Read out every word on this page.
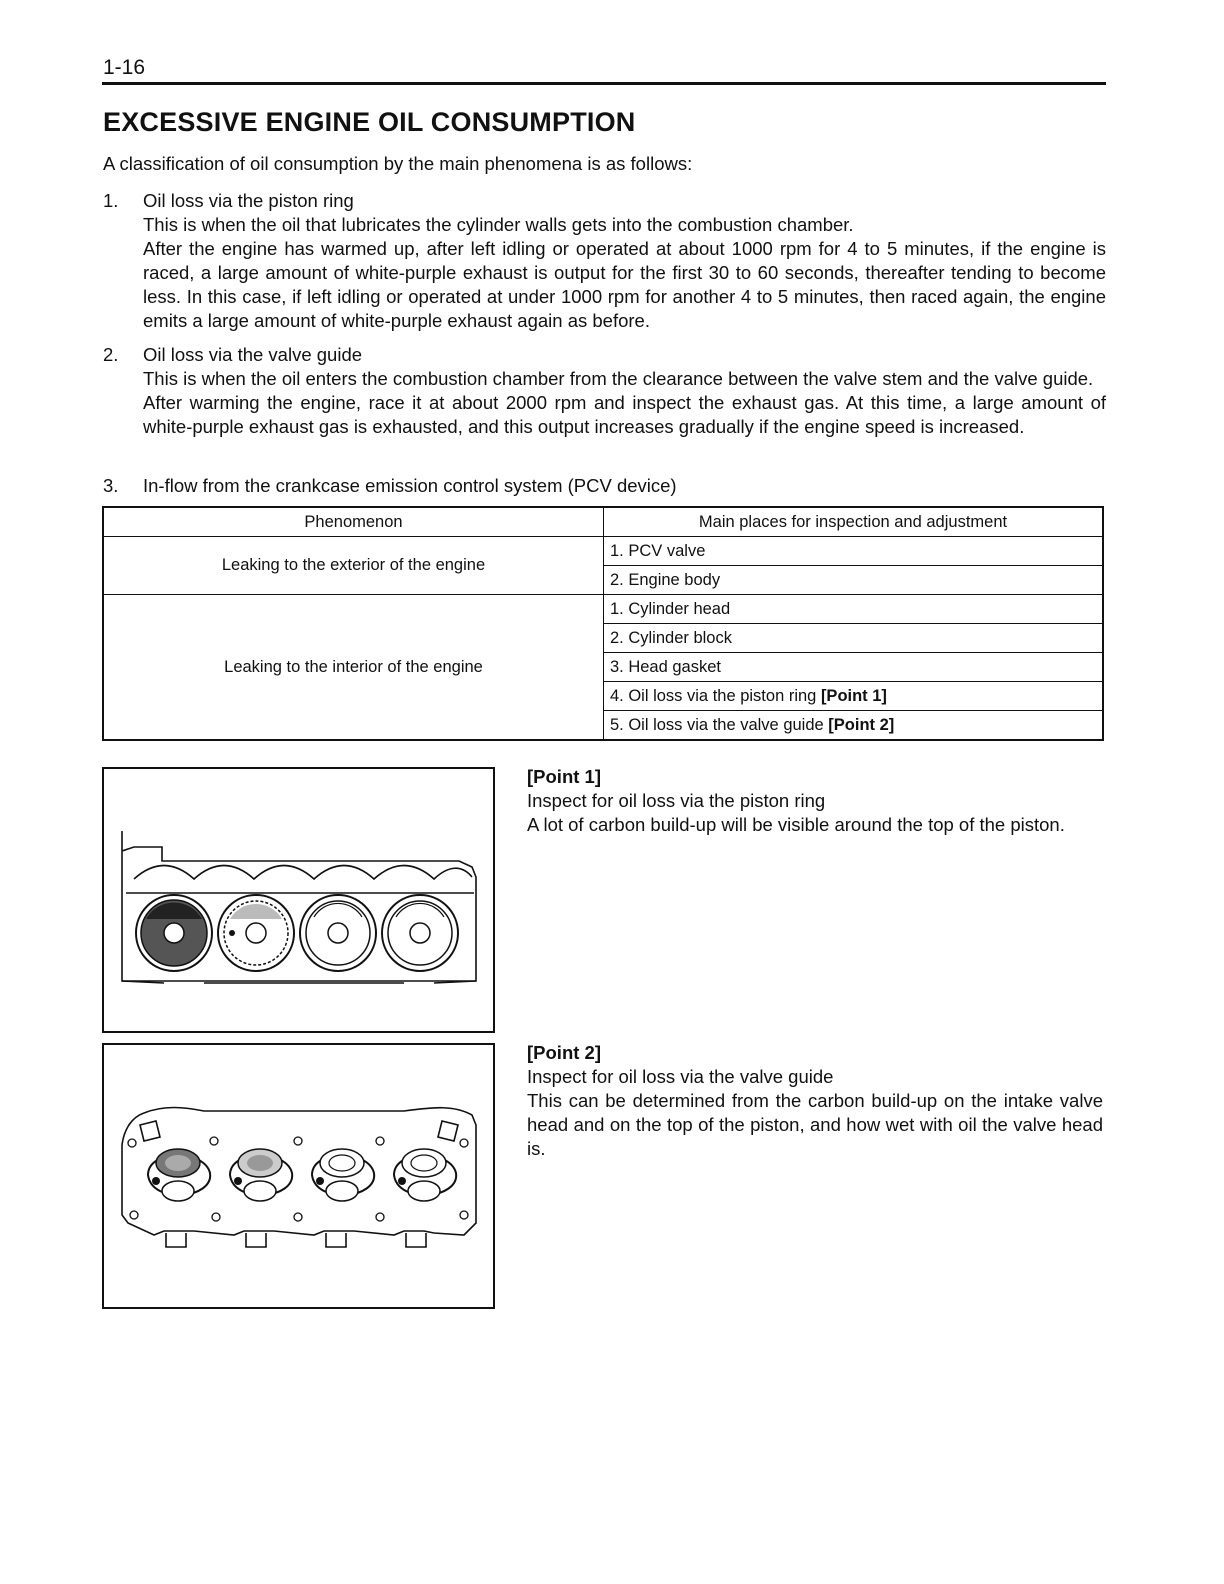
1-16
EXCESSIVE ENGINE OIL CONSUMPTION
A classification of oil consumption by the main phenomena is as follows:
1. Oil loss via the piston ring

This is when the oil that lubricates the cylinder walls gets into the combustion chamber.

After the engine has warmed up, after left idling or operated at about 1000 rpm for 4 to 5 minutes, if the engine is raced, a large amount of white-purple exhaust is output for the first 30 to 60 seconds, thereafter tending to become less. In this case, if left idling or operated at under 1000 rpm for another 4 to 5 minutes, then raced again, the engine emits a large amount of white-purple exhaust again as before.

2. Oil loss via the valve guide

This is when the oil enters the combustion chamber from the clearance between the valve stem and the valve guide.

After warming the engine, race it at about 2000 rpm and inspect the exhaust gas. At this time, a large amount of white-purple exhaust gas is exhausted, and this output increases gradually if the engine speed is increased.

3. In-flow from the crankcase emission control system (PCV device)

Phenomenon	Main places for inspection and adjustment
Leaking to the exterior of the engine	1. PCV valve
	2. Engine body
Leaking to the interior of the engine	1. Cylinder head
	2. Cylinder block
	3. Head gasket
	4. Oil loss via the piston ring [Point 1]
	5. Oil loss via the valve guide [Point 2]

[Point 1]

Inspect for oil loss via the piston ring

A lot of carbon build-up will be visible around the top of the piston.

[Point 2]

Inspect for oil loss via the valve guide

This can be determined from the carbon build-up on the intake valve head and on the top of the piston, and how wet with oil the valve head is.
